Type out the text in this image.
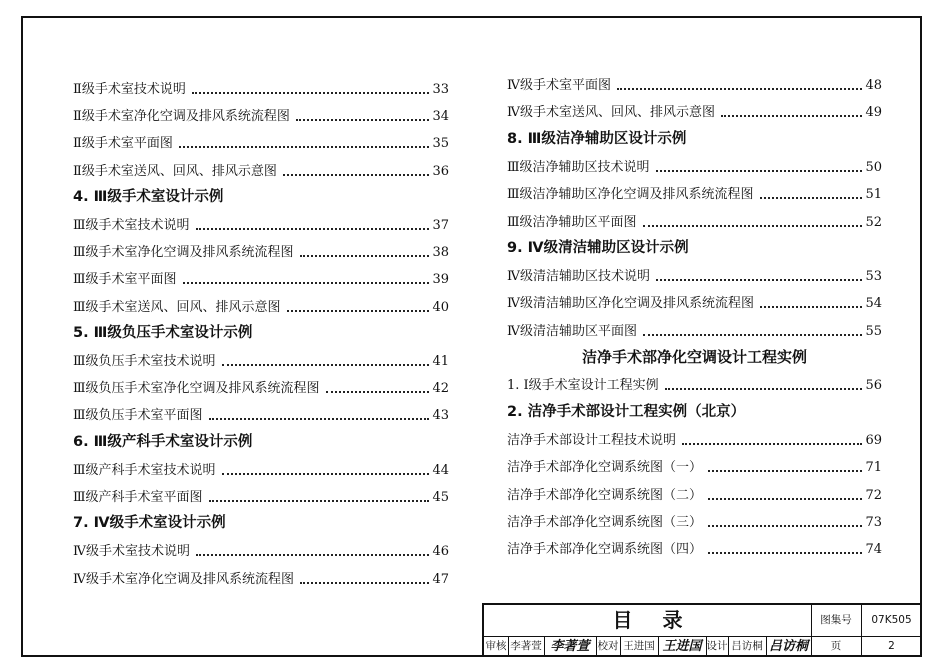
Ⅱ级手术室技术说明	33
Ⅱ级手术室净化空调及排风系统流程图	34
Ⅱ级手术室平面图	35
Ⅱ级手术室送风、回风、排风示意图	36
4. Ⅲ级手术室设计示例
Ⅲ级手术室技术说明	37
Ⅲ级手术室净化空调及排风系统流程图	38
Ⅲ级手术室平面图	39
Ⅲ级手术室送风、回风、排风示意图	40
5. Ⅲ级负压手术室设计示例
Ⅲ级负压手术室技术说明	41
Ⅲ级负压手术室净化空调及排风系统流程图	42
Ⅲ级负压手术室平面图	43
6. Ⅲ级产科手术室设计示例
Ⅲ级产科手术室技术说明	44
Ⅲ级产科手术室平面图	45
7. Ⅳ级手术室设计示例
Ⅳ级手术室技术说明	46
Ⅳ级手术室净化空调及排风系统流程图	47
Ⅳ级手术室平面图	48
Ⅳ级手术室送风、回风、排风示意图	49
8. Ⅲ级洁净辅助区设计示例
Ⅲ级洁净辅助区技术说明	50
Ⅲ级洁净辅助区净化空调及排风系统流程图	51
Ⅲ级洁净辅助区平面图	52
9. Ⅳ级清洁辅助区设计示例
Ⅳ级清洁辅助区技术说明	53
Ⅳ级清洁辅助区净化空调及排风系统流程图	54
Ⅳ级清洁辅助区平面图	55
洁净手术部净化空调设计工程实例
1. Ⅰ级手术室设计工程实例	56
2. 洁净手术部设计工程实例（北京）
洁净手术部设计工程技术说明	69
洁净手术部净化空调系统图（一）	71
洁净手术部净化空调系统图（二）	72
洁净手术部净化空调系统图（三）	73
洁净手术部净化空调系统图（四）	74
目录	图集号	07K505
审核 李著萱 李著萱 校对 王进国 王进国 设计 吕访桐 吕访桐	页	2
